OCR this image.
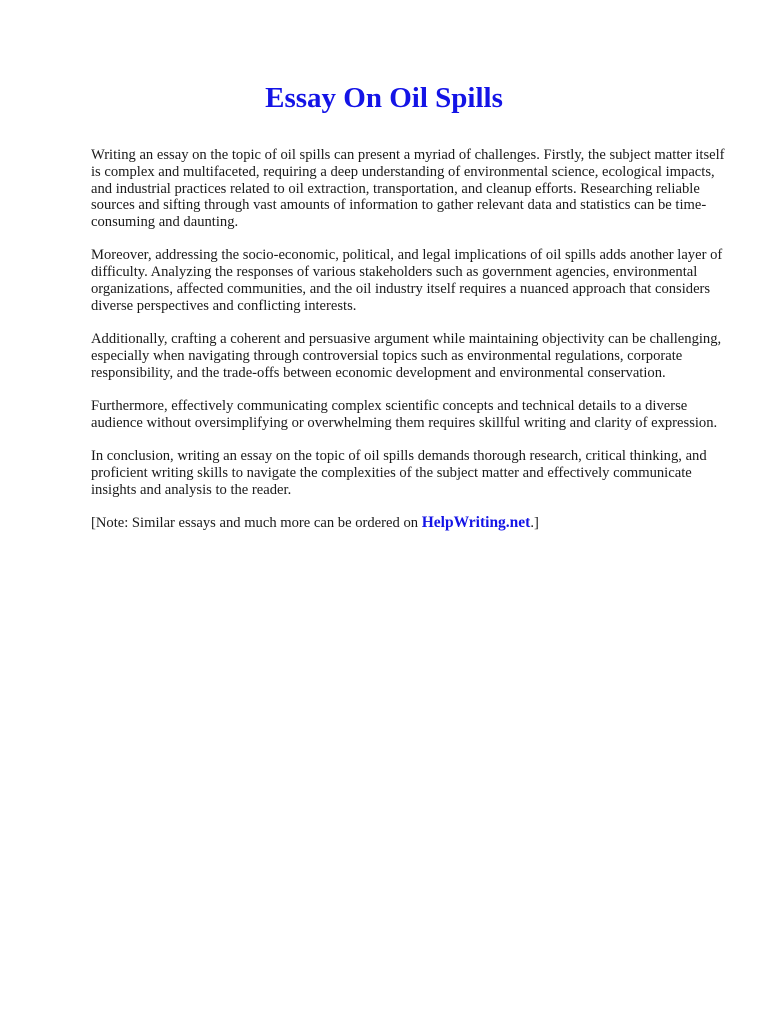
Essay On Oil Spills

Writing an essay on the topic of oil spills can present a myriad of challenges. Firstly, the subject matter itself is complex and multifaceted, requiring a deep understanding of environmental science, ecological impacts, and industrial practices related to oil extraction, transportation, and cleanup efforts. Researching reliable sources and sifting through vast amounts of information to gather relevant data and statistics can be time-consuming and daunting.

Moreover, addressing the socio-economic, political, and legal implications of oil spills adds another layer of difficulty. Analyzing the responses of various stakeholders such as government agencies, environmental organizations, affected communities, and the oil industry itself requires a nuanced approach that considers diverse perspectives and conflicting interests.

Additionally, crafting a coherent and persuasive argument while maintaining objectivity can be challenging, especially when navigating through controversial topics such as environmental regulations, corporate responsibility, and the trade-offs between economic development and environmental conservation.

Furthermore, effectively communicating complex scientific concepts and technical details to a diverse audience without oversimplifying or overwhelming them requires skillful writing and clarity of expression.

In conclusion, writing an essay on the topic of oil spills demands thorough research, critical thinking, and proficient writing skills to navigate the complexities of the subject matter and effectively communicate insights and analysis to the reader.

[Note: Similar essays and much more can be ordered on HelpWriting.net.]
